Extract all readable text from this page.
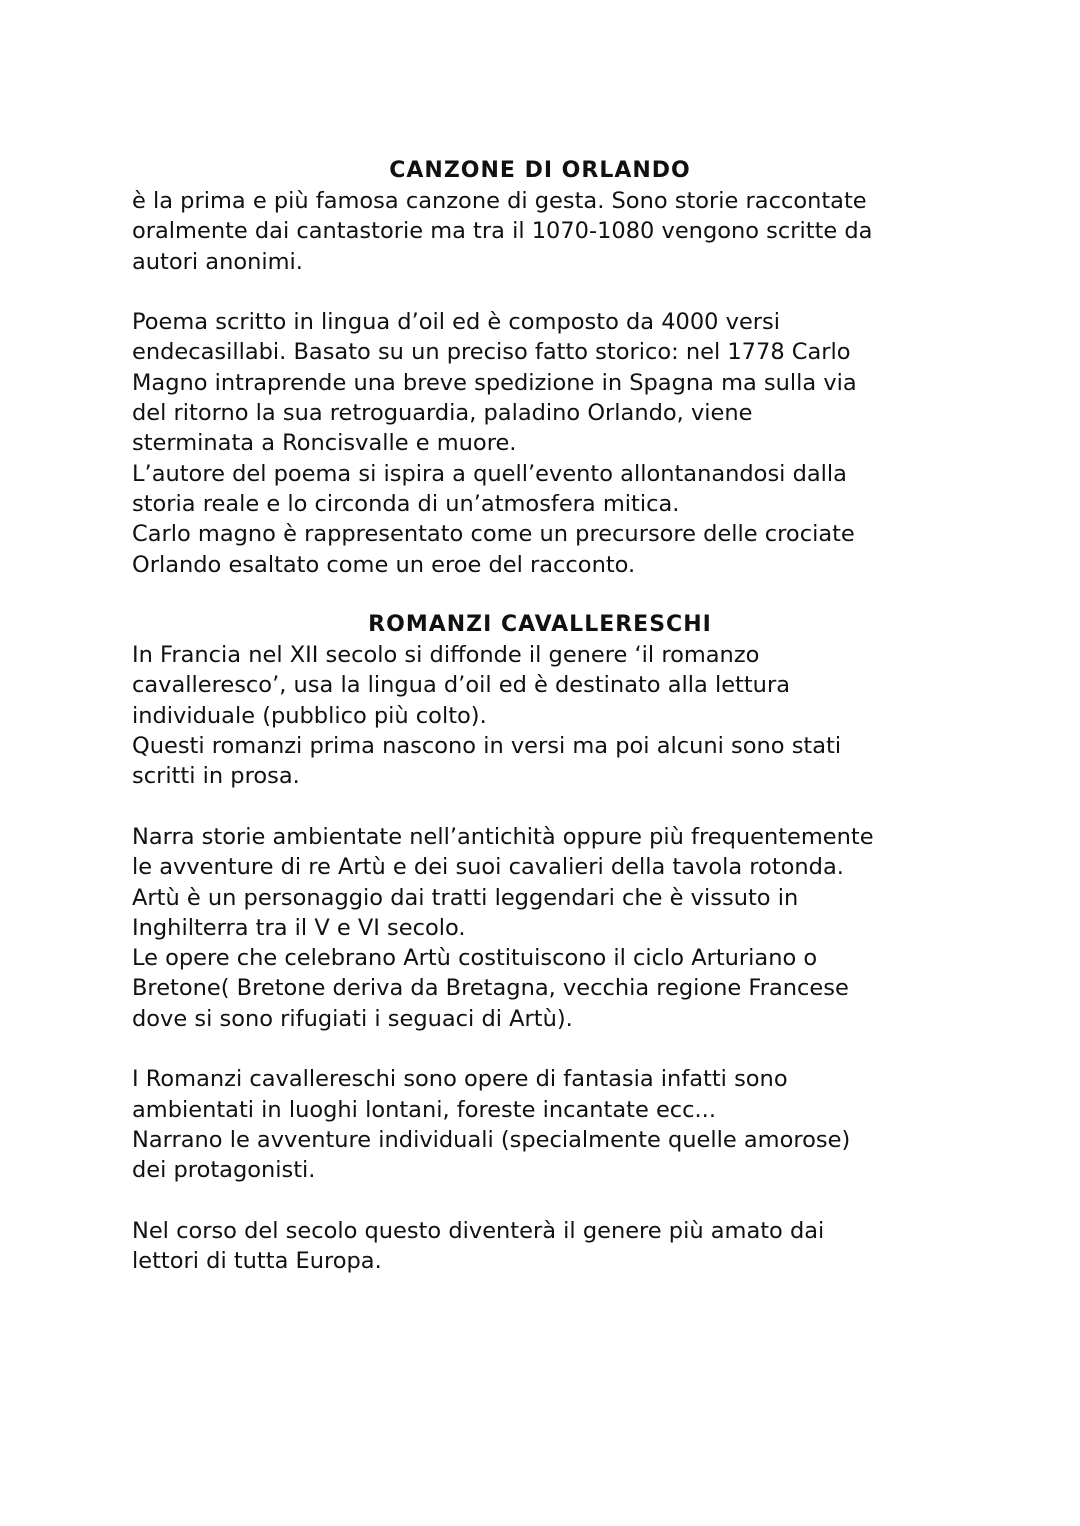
CANZONE DI ORLANDO

è la prima e più famosa canzone di gesta. Sono storie raccontate

oralmente dai cantastorie ma tra il 1070-1080 vengono scritte da

autori anonimi.

Poema scritto in lingua d’oil ed è composto da 4000 versi

endecasillabi. Basato su un preciso fatto storico: nel 1778 Carlo

Magno intraprende una breve spedizione in Spagna ma sulla via

del ritorno la sua retroguardia, paladino Orlando, viene

sterminata a Roncisvalle e muore.

L’autore del poema si ispira a quell’evento allontanandosi dalla

storia reale e lo circonda di un’atmosfera mitica.

Carlo magno è rappresentato come un precursore delle crociate

Orlando esaltato come un eroe del racconto.

ROMANZI CAVALLERESCHI

In Francia nel XII secolo si diffonde il genere ‘il romanzo

cavalleresco’, usa la lingua d’oil ed è destinato alla lettura

individuale (pubblico più colto).

Questi romanzi prima nascono in versi ma poi alcuni sono stati

scritti in prosa.

Narra storie ambientate nell’antichità oppure più frequentemente

le avventure di re Artù e dei suoi cavalieri della tavola rotonda.

Artù è un personaggio dai tratti leggendari che è vissuto in

Inghilterra tra il V e VI secolo.

Le opere che celebrano Artù costituiscono il ciclo Arturiano o

Bretone( Bretone deriva da Bretagna, vecchia regione Francese

dove si sono rifugiati i seguaci di Artù).

I Romanzi cavallereschi sono opere di fantasia infatti sono

ambientati in luoghi lontani, foreste incantate ecc...

Narrano le avventure individuali (specialmente quelle amorose)

dei protagonisti.

Nel corso del secolo questo diventerà il genere più amato dai

lettori di tutta Europa.
